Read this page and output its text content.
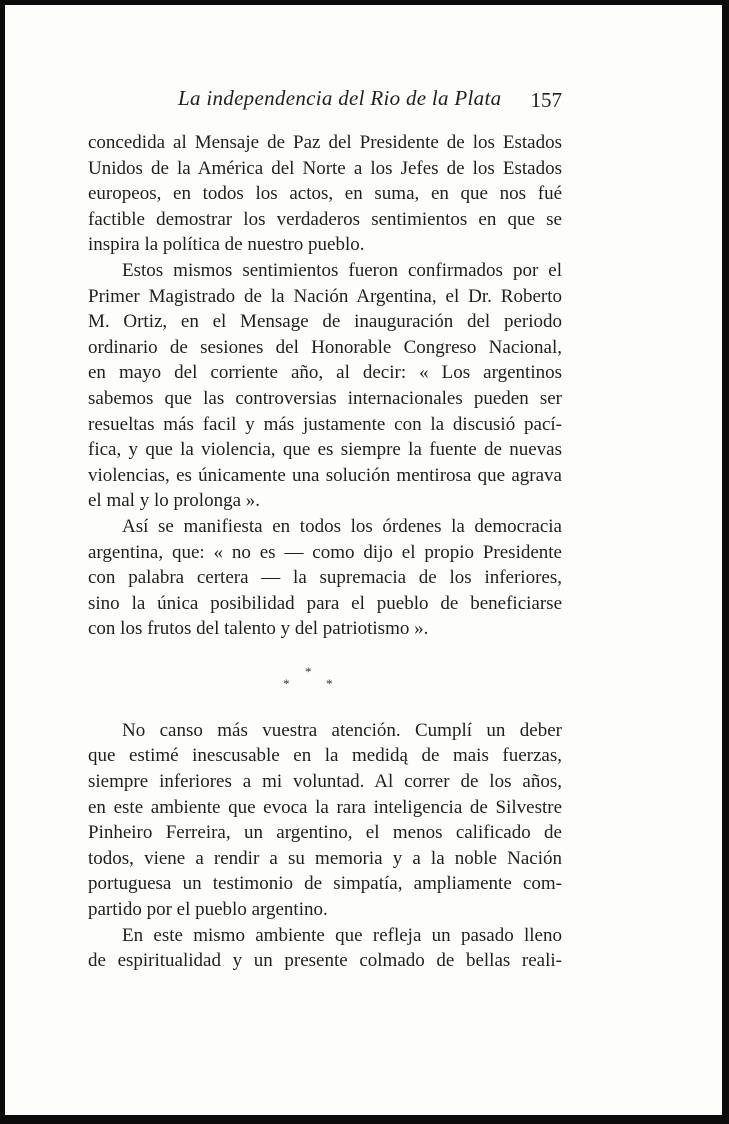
La independencia del Rio de la Plata 157
concedida al Mensaje de Paz del Presidente de los Estados
Unidos de la América del Norte a los Jefes de los Estados
europeos, en todos los actos, en suma, en que nos fué
factible demostrar los verdaderos sentimientos en que se
inspira la política de nuestro pueblo.
Estos mismos sentimientos fueron confirmados por el
Primer Magistrado de la Nación Argentina, el Dr. Roberto
M. Ortiz, en el Mensage de inauguración del periodo
ordinario de sesiones del Honorable Congreso Nacional,
en mayo del corriente año, al decir: « Los argentinos
sabemos que las controversias internacionales pueden ser
resueltas más facil y más justamente con la discusió pací-
fica, y que la violencia, que es siempre la fuente de nuevas
violencias, es únicamente una solución mentirosa que agrava
el mal y lo prolonga ».
Así se manifiesta en todos los órdenes la democracia
argentina, que: « no es — como dijo el propio Presidente
con palabra certera — la supremacia de los inferiores,
sino la única posibilidad para el pueblo de beneficiarse
con los frutos del talento y del patriotismo ».
No canso más vuestra atención. Cumplí un deber
que estimé inescusable en la medidą de mais fuerzas,
siempre inferiores a mi voluntad. Al correr de los años,
en este ambiente que evoca la rara inteligencia de Silvestre
Pinheiro Ferreira, un argentino, el menos calificado de
todos, viene a rendir a su memoria y a la noble Nación
portuguesa un testimonio de simpatía, ampliamente com-
partido por el pueblo argentino.
En este mismo ambiente que refleja un pasado lleno
de espiritualidad y un presente colmado de bellas reali-
*
*	*
